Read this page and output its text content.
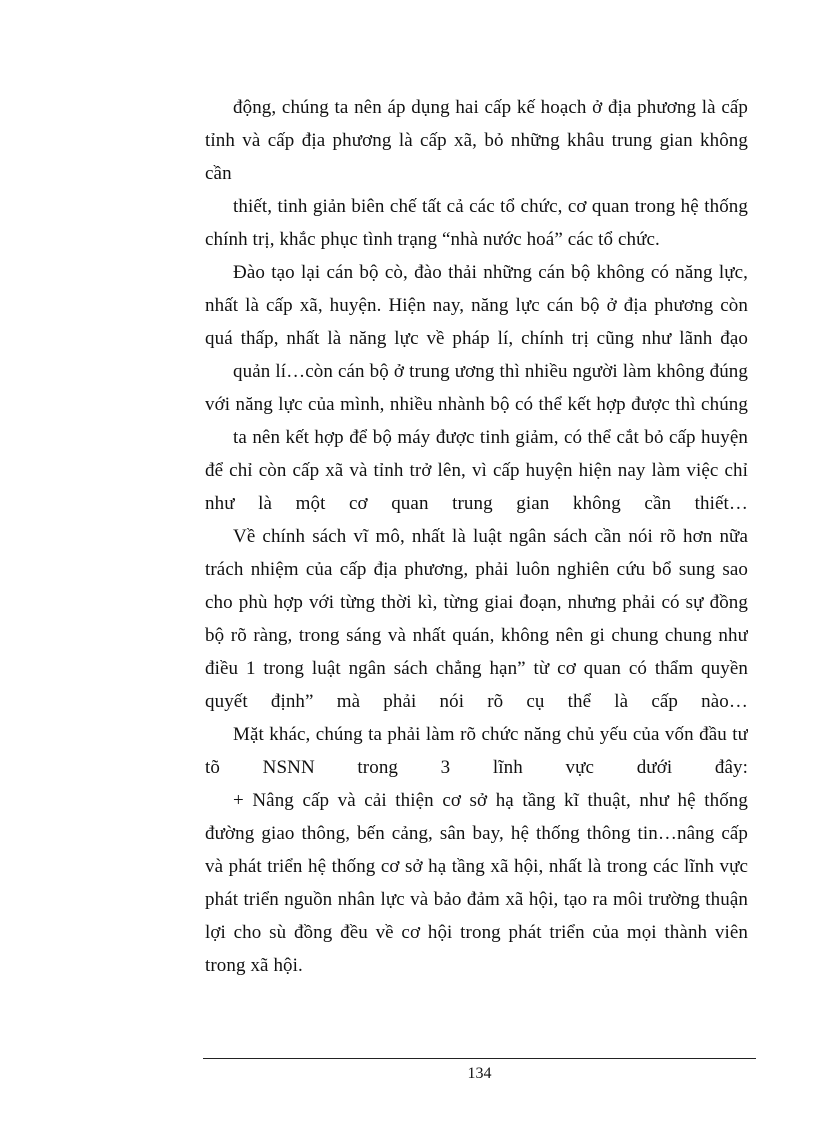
động, chúng ta nên áp dụng hai cấp kế hoạch ở địa phương là cấp
tỉnh và cấp địa phương là cấp xã, bỏ những khâu trung gian không
cần
thiết, tinh giản biên chế tất cả các tổ chức, cơ quan trong hệ thống
chính trị, khắc phục tình trạng “nhà nước hoá” các tổ chức.
Đào tạo lại cán bộ cò, đào thải những cán bộ không có năng lực,
nhất là cấp xã, huyện. Hiện nay, năng lực cán bộ ở địa phương còn
quá thấp, nhất là năng lực về pháp lí, chính trị cũng như lãnh đạo
quản lí…còn cán bộ ở trung ương thì nhiều người làm không đúng
với năng lực của mình, nhiều nhành bộ có thể kết hợp được thì chúng
ta nên kết hợp để bộ máy được tinh giảm, có thể cắt bỏ cấp huyện
để chỉ còn cấp xã và tỉnh trở lên, vì cấp huyện hiện nay làm việc chỉ
như là một cơ quan trung gian không cần thiết…
Về chính sách vĩ mô, nhất là luật ngân sách cần nói rõ hơn nữa
trách nhiệm của cấp địa phương, phải luôn nghiên cứu bổ sung sao
cho phù hợp với từng thời kì, từng giai đoạn, nhưng phải có sự đồng
bộ rõ ràng, trong sáng và nhất quán, không nên gi chung chung như
điều 1 trong luật ngân sách chẳng hạn” từ cơ quan có thẩm quyền
quyết định” mà phải nói rõ cụ thể là cấp nào…
Mặt khác, chúng ta phải làm rõ chức năng chủ yếu của vốn đầu tư
tõ NSNN trong 3 lĩnh vực dưới đây:
+ Nâng cấp và cải thiện cơ sở hạ tầng kĩ thuật, như hệ thống
đường giao thông, bến cảng, sân bay, hệ thống thông tin…nâng cấp
và phát triển hệ thống cơ sở hạ tầng xã hội, nhất là trong các lĩnh vực
phát triển nguồn nhân lực và bảo đảm xã hội, tạo ra môi trường thuận
lợi cho sù đồng đều về cơ hội trong phát triển của mọi thành viên
trong xã hội.
134
